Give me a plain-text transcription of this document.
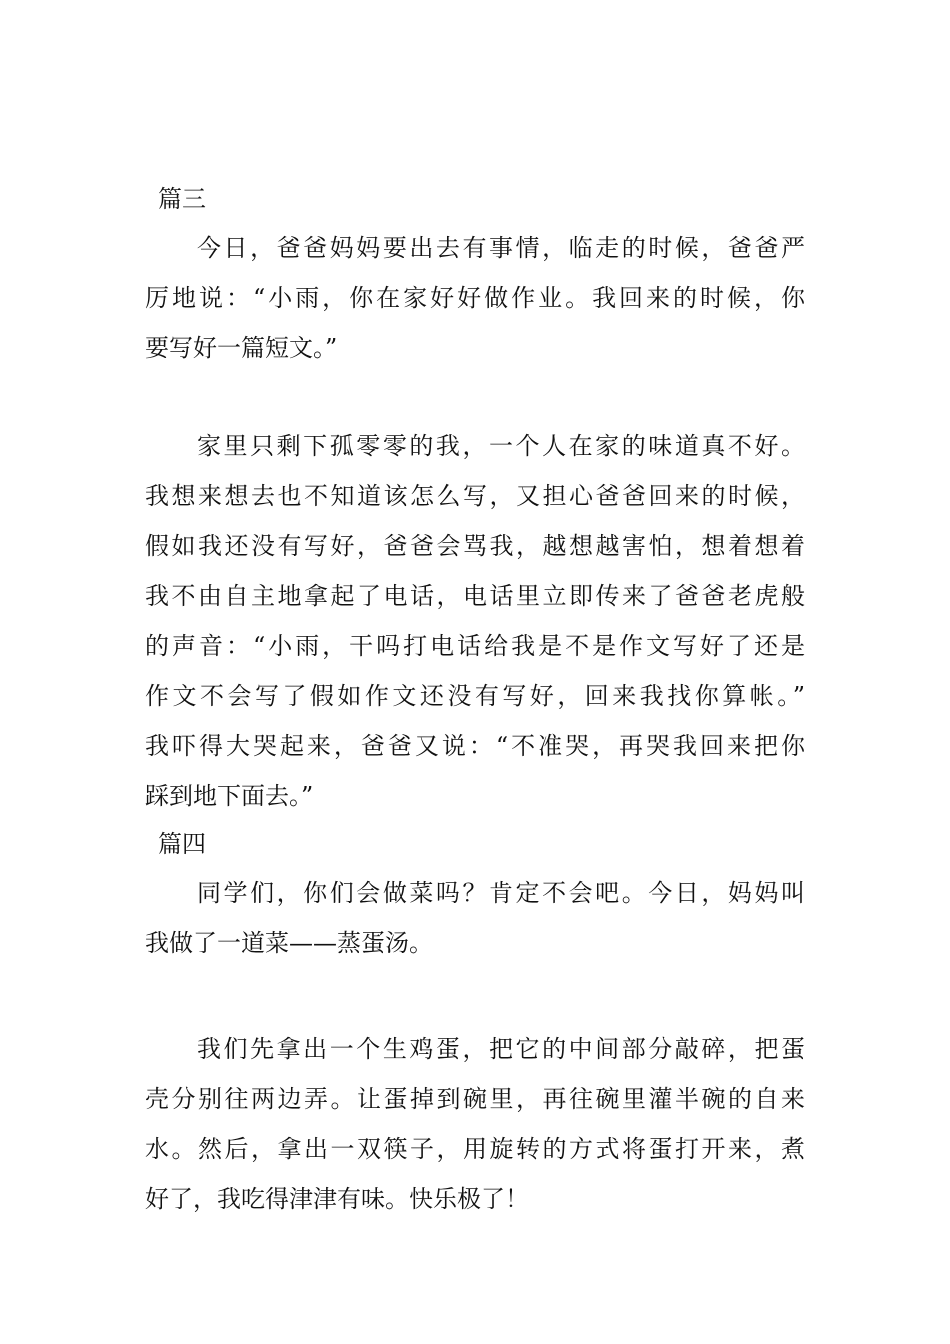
篇三
今日，爸爸妈妈要出去有事情，临走的时候，爸爸严
厉地说：“小雨，你在家好好做作业。我回来的时候，你
要写好一篇短文。”
家里只剩下孤零零的我，一个人在家的味道真不好。
我想来想去也不知道该怎么写，又担心爸爸回来的时候，
假如我还没有写好，爸爸会骂我，越想越害怕，想着想着
我不由自主地拿起了电话，电话里立即传来了爸爸老虎般
的声音：“小雨，干吗打电话给我是不是作文写好了还是
作文不会写了假如作文还没有写好，回来我找你算帐。”
我吓得大哭起来，爸爸又说：“不准哭，再哭我回来把你
踩到地下面去。”
篇四
同学们，你们会做菜吗？肯定不会吧。今日，妈妈叫
我做了一道菜——蒸蛋汤。
我们先拿出一个生鸡蛋，把它的中间部分敲碎，把蛋
壳分别往两边弄。让蛋掉到碗里，再往碗里灌半碗的自来
水。然后，拿出一双筷子，用旋转的方式将蛋打开来，煮
好了，我吃得津津有味。快乐极了！
